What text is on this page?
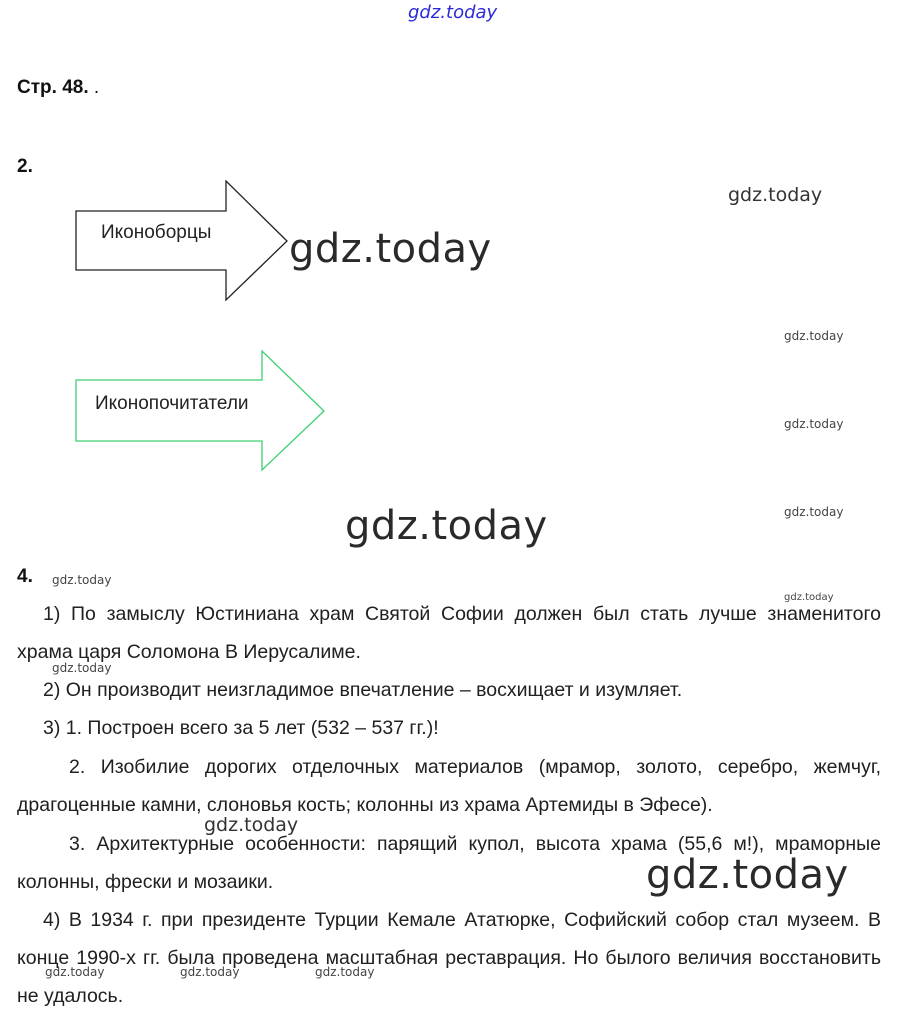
gdz.today
gdz.today
gdz.today
gdz.today
gdz.today
gdz.today
gdz.today
gdz.today
gdz.today
gdz.today
gdz.today
gdz.today
gdz.today	gdz.today	gdz.today
Стр. 48. .
2.
Иконоборцы
Иконопочитатели
4.
1) По замыслу Юстиниана храм Святой Софии должен был стать лучше знаменитого храма царя Соломона В Иерусалиме.
2) Он производит неизгладимое впечатление – восхищает и изумляет.
3) 1. Построен всего за 5 лет (532 – 537 гг.)!
2. Изобилие дорогих отделочных материалов (мрамор, золото, серебро, жемчуг, драгоценные камни, слоновья кость; колонны из храма Артемиды в Эфесе).
3. Архитектурные особенности: парящий купол, высота храма (55,6 м!), мраморные колонны, фрески и мозаики.
4) В 1934 г. при президенте Турции Кемале Ататюрке, Софийский собор стал музеем. В конце 1990-х гг. была проведена масштабная реставрация. Но былого величия восстановить не удалось.
